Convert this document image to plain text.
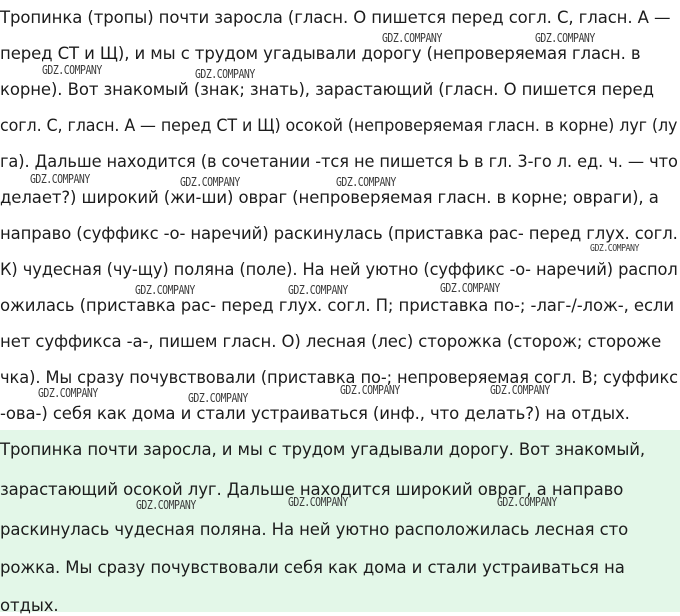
Тропинка (тропы) почти заросла (гласн. О пишется перед согл. С, гласн. А —
перед СТ и Щ), и мы с трудом угадывали дорогу (непроверяемая гласн. в
корне). Вот знакомый (знак; знать), зарастающий (гласн. О пишется перед
согл. С, гласн. А — перед СТ и Щ) осокой (непроверяемая гласн. в корне) луг (лу
га). Дальше находится (в сочетании -тся не пишется Ь в гл. 3-го л. ед. ч. — что
делает?) широкий (жи-ши) овраг (непроверяемая гласн. в корне; овраги), а
направо (суффикс -о- наречий) раскинулась (приставка рас- перед глух. согл.
К) чудесная (чу-щу) поляна (поле). На ней уютно (суффикс -о- наречий) распол
ожилась (приставка рас- перед глух. согл. П; приставка по-; -лаг-/-лож-, если
нет суффикса -а-, пишем гласн. О) лесная (лес) сторожка (сторож; стороже
чка). Мы сразу почувствовали (приставка по-; непроверяемая согл. В; суффикс
-ова-) себя как дома и стали устраиваться (инф., что делать?) на отдых.
Тропинка почти заросла, и мы с трудом угадывали дорогу. Вот знакомый,
зарастающий осокой луг. Дальше находится широкий овраг, а направо
раскинулась чудесная поляна. На ней уютно расположилась лесная сто
рожка. Мы сразу почувствовали себя как дома и стали устраиваться на
отдых.
GDZ.COMPANY	GDZ.COMPANY
GDZ.COMPANY	GDZ.COMPANY
GDZ.COMPANY	GDZ.COMPANY	GDZ.COMPANY
GDZ.COMPANY
GDZ.COMPANY	GDZ.COMPANY	GDZ.COMPANY
GDZ.COMPANY	GDZ.COMPANY
GDZ.COMPANY	GDZ.COMPANY
GDZ.COMPANY	GDZ.COMPANY
GDZ.COMPANY
